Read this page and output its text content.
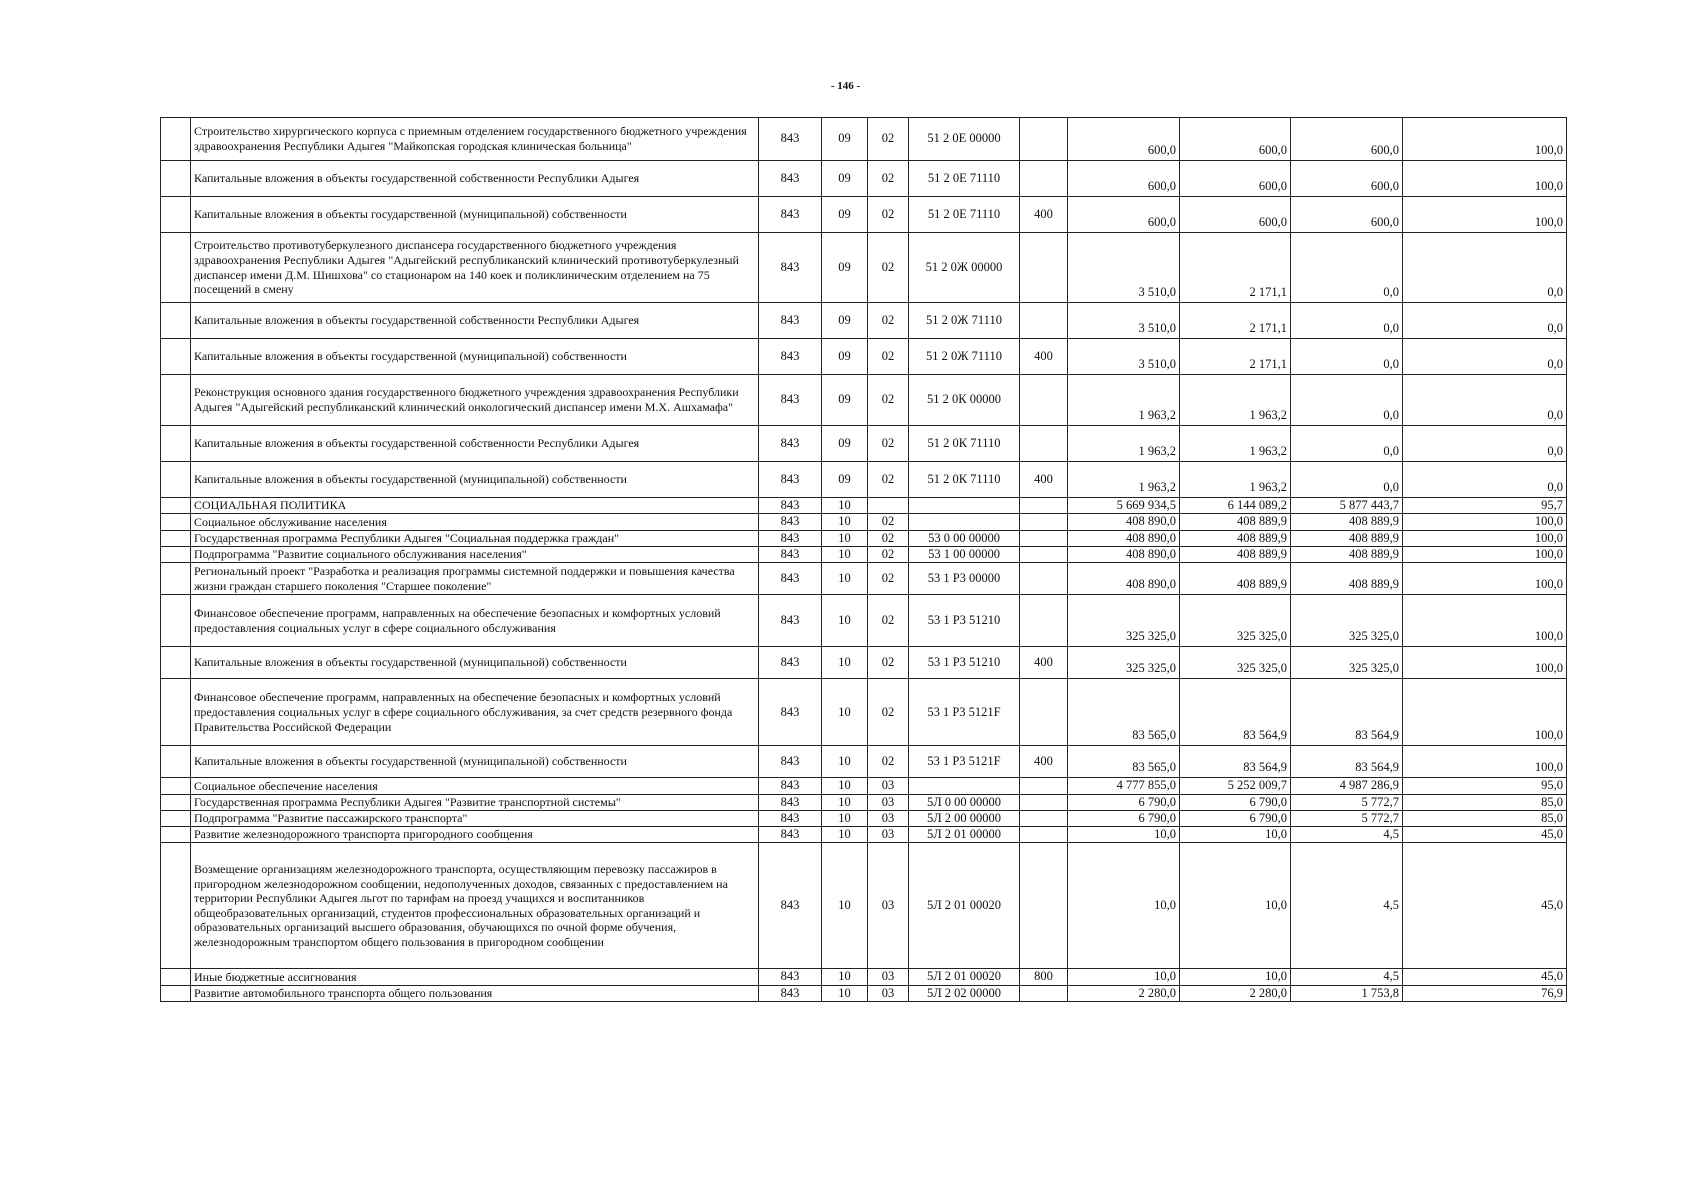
- 146 -
	Строительство хирургического корпуса с приемным отделением государственного бюджетного учреждения здравоохранения Республики Адыгея "Майкопская городская клиническая больница"	843	09	02	51 2 0Е 00000		600,0	600,0	600,0	100,0
	Капитальные вложения в объекты государственной собственности Республики Адыгея	843	09	02	51 2 0Е 71110		600,0	600,0	600,0	100,0
	Капитальные вложения в объекты государственной (муниципальной) собственности	843	09	02	51 2 0Е 71110	400	600,0	600,0	600,0	100,0
	Строительство противотуберкулезного диспансера государственного бюджетного учреждения здравоохранения Республики Адыгея "Адыгейский республиканский клинический противотуберкулезный диспансер имени Д.М. Шишхова" со стационаром на 140 коек и поликлиническим отделением на 75 посещений в смену	843	09	02	51 2 0Ж 00000		3 510,0	2 171,1	0,0	0,0
	Капитальные вложения в объекты государственной собственности Республики Адыгея	843	09	02	51 2 0Ж 71110		3 510,0	2 171,1	0,0	0,0
	Капитальные вложения в объекты государственной (муниципальной) собственности	843	09	02	51 2 0Ж 71110	400	3 510,0	2 171,1	0,0	0,0
	Реконструкция основного здания государственного бюджетного учреждения здравоохранения Республики Адыгея "Адыгейский республиканский клинический онкологический диспансер имени М.Х. Ашхамафа"	843	09	02	51 2 0К 00000		1 963,2	1 963,2	0,0	0,0
	Капитальные вложения в объекты государственной собственности Республики Адыгея	843	09	02	51 2 0К 71110		1 963,2	1 963,2	0,0	0,0
	Капитальные вложения в объекты государственной (муниципальной) собственности	843	09	02	51 2 0К 71110	400	1 963,2	1 963,2	0,0	0,0
	СОЦИАЛЬНАЯ ПОЛИТИКА	843	10				5 669 934,5	6 144 089,2	5 877 443,7	95,7
	Социальное обслуживание населения	843	10	02			408 890,0	408 889,9	408 889,9	100,0
	Государственная программа Республики Адыгея "Социальная поддержка граждан"	843	10	02	53 0 00 00000		408 890,0	408 889,9	408 889,9	100,0
	Подпрограмма "Развитие социального обслуживания населения"	843	10	02	53 1 00 00000		408 890,0	408 889,9	408 889,9	100,0
	Региональный проект "Разработка и реализация программы системной поддержки и повышения качества жизни граждан старшего поколения "Старшее поколение"	843	10	02	53 1 P3 00000		408 890,0	408 889,9	408 889,9	100,0
	Финансовое обеспечение программ, направленных на обеспечение безопасных и комфортных условий предоставления социальных услуг в сфере социального обслуживания	843	10	02	53 1 P3 51210		325 325,0	325 325,0	325 325,0	100,0
	Капитальные вложения в объекты государственной (муниципальной) собственности	843	10	02	53 1 P3 51210	400	325 325,0	325 325,0	325 325,0	100,0
	Финансовое обеспечение программ, направленных на обеспечение безопасных и комфортных условий предоставления социальных услуг в сфере социального обслуживания, за счет средств резервного фонда Правительства Российской Федерации	843	10	02	53 1 P3 5121F		83 565,0	83 564,9	83 564,9	100,0
	Капитальные вложения в объекты государственной (муниципальной) собственности	843	10	02	53 1 P3 5121F	400	83 565,0	83 564,9	83 564,9	100,0
	Социальное обеспечение населения	843	10	03			4 777 855,0	5 252 009,7	4 987 286,9	95,0
	Государственная программа Республики Адыгея "Развитие транспортной системы"	843	10	03	5Л 0 00 00000		6 790,0	6 790,0	5 772,7	85,0
	Подпрограмма "Развитие пассажирского транспорта"	843	10	03	5Л 2 00 00000		6 790,0	6 790,0	5 772,7	85,0
	Развитие железнодорожного транспорта пригородного сообщения	843	10	03	5Л 2 01 00000		10,0	10,0	4,5	45,0
	Возмещение организациям железнодорожного транспорта, осуществляющим перевозку пассажиров в пригородном железнодорожном сообщении, недополученных доходов, связанных с предоставлением на территории Республики Адыгея льгот по тарифам на проезд учащихся и воспитанников общеобразовательных организаций, студентов профессиональных образовательных организаций и образовательных организаций высшего образования, обучающихся по очной форме обучения, железнодорожным транспортом общего пользования в пригородном сообщении	843	10	03	5Л 2 01 00020		10,0	10,0	4,5	45,0
	Иные бюджетные ассигнования	843	10	03	5Л 2 01 00020	800	10,0	10,0	4,5	45,0
	Развитие автомобильного транспорта общего пользования	843	10	03	5Л 2 02 00000		2 280,0	2 280,0	1 753,8	76,9
